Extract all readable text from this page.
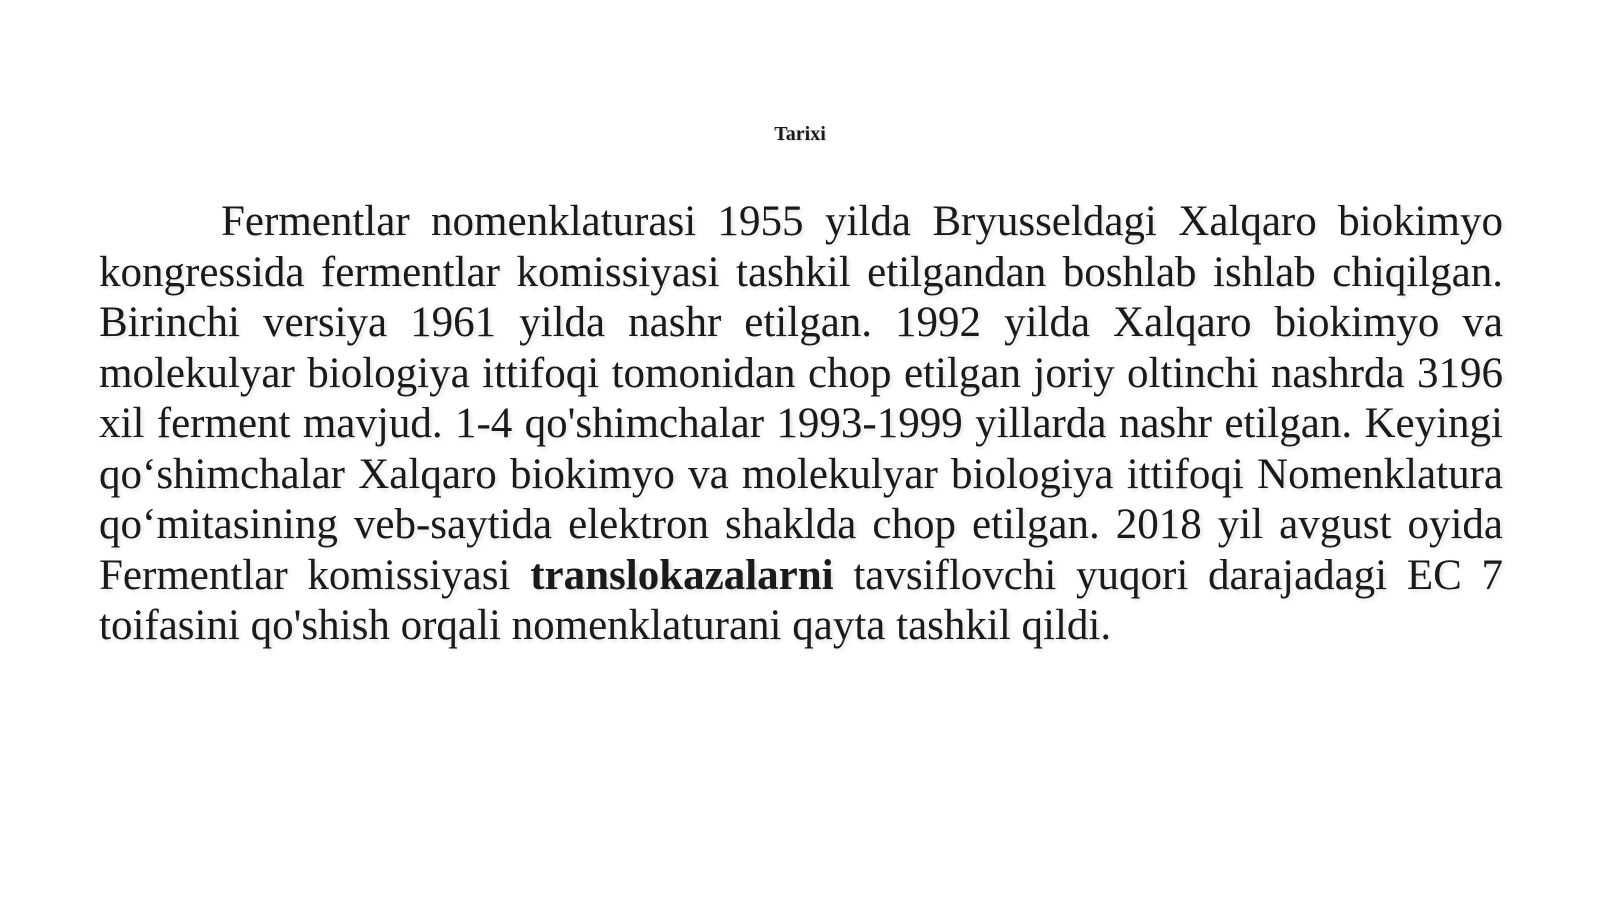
Tarixi

Fermentlar nomenklaturasi 1955 yilda Bryusseldagi Xalqaro biokimyo kongressida fermentlar komissiyasi tashkil etilgandan boshlab ishlab chiqilgan. Birinchi versiya 1961 yilda nashr etilgan. 1992 yilda Xalqaro biokimyo va molekulyar biologiya ittifoqi tomonidan chop etilgan joriy oltinchi nashrda 3196 xil ferment mavjud. 1-4 qo'shimchalar 1993-1999 yillarda nashr etilgan. Keyingi qo‘shimchalar Xalqaro biokimyo va molekulyar biologiya ittifoqi Nomenklatura qo‘mitasining veb-saytida elektron shaklda chop etilgan. 2018 yil avgust oyida Fermentlar komissiyasi translokazalarni tavsiflovchi yuqori darajadagi EC 7 toifasini qo'shish orqali nomenklaturani qayta tashkil qildi.
